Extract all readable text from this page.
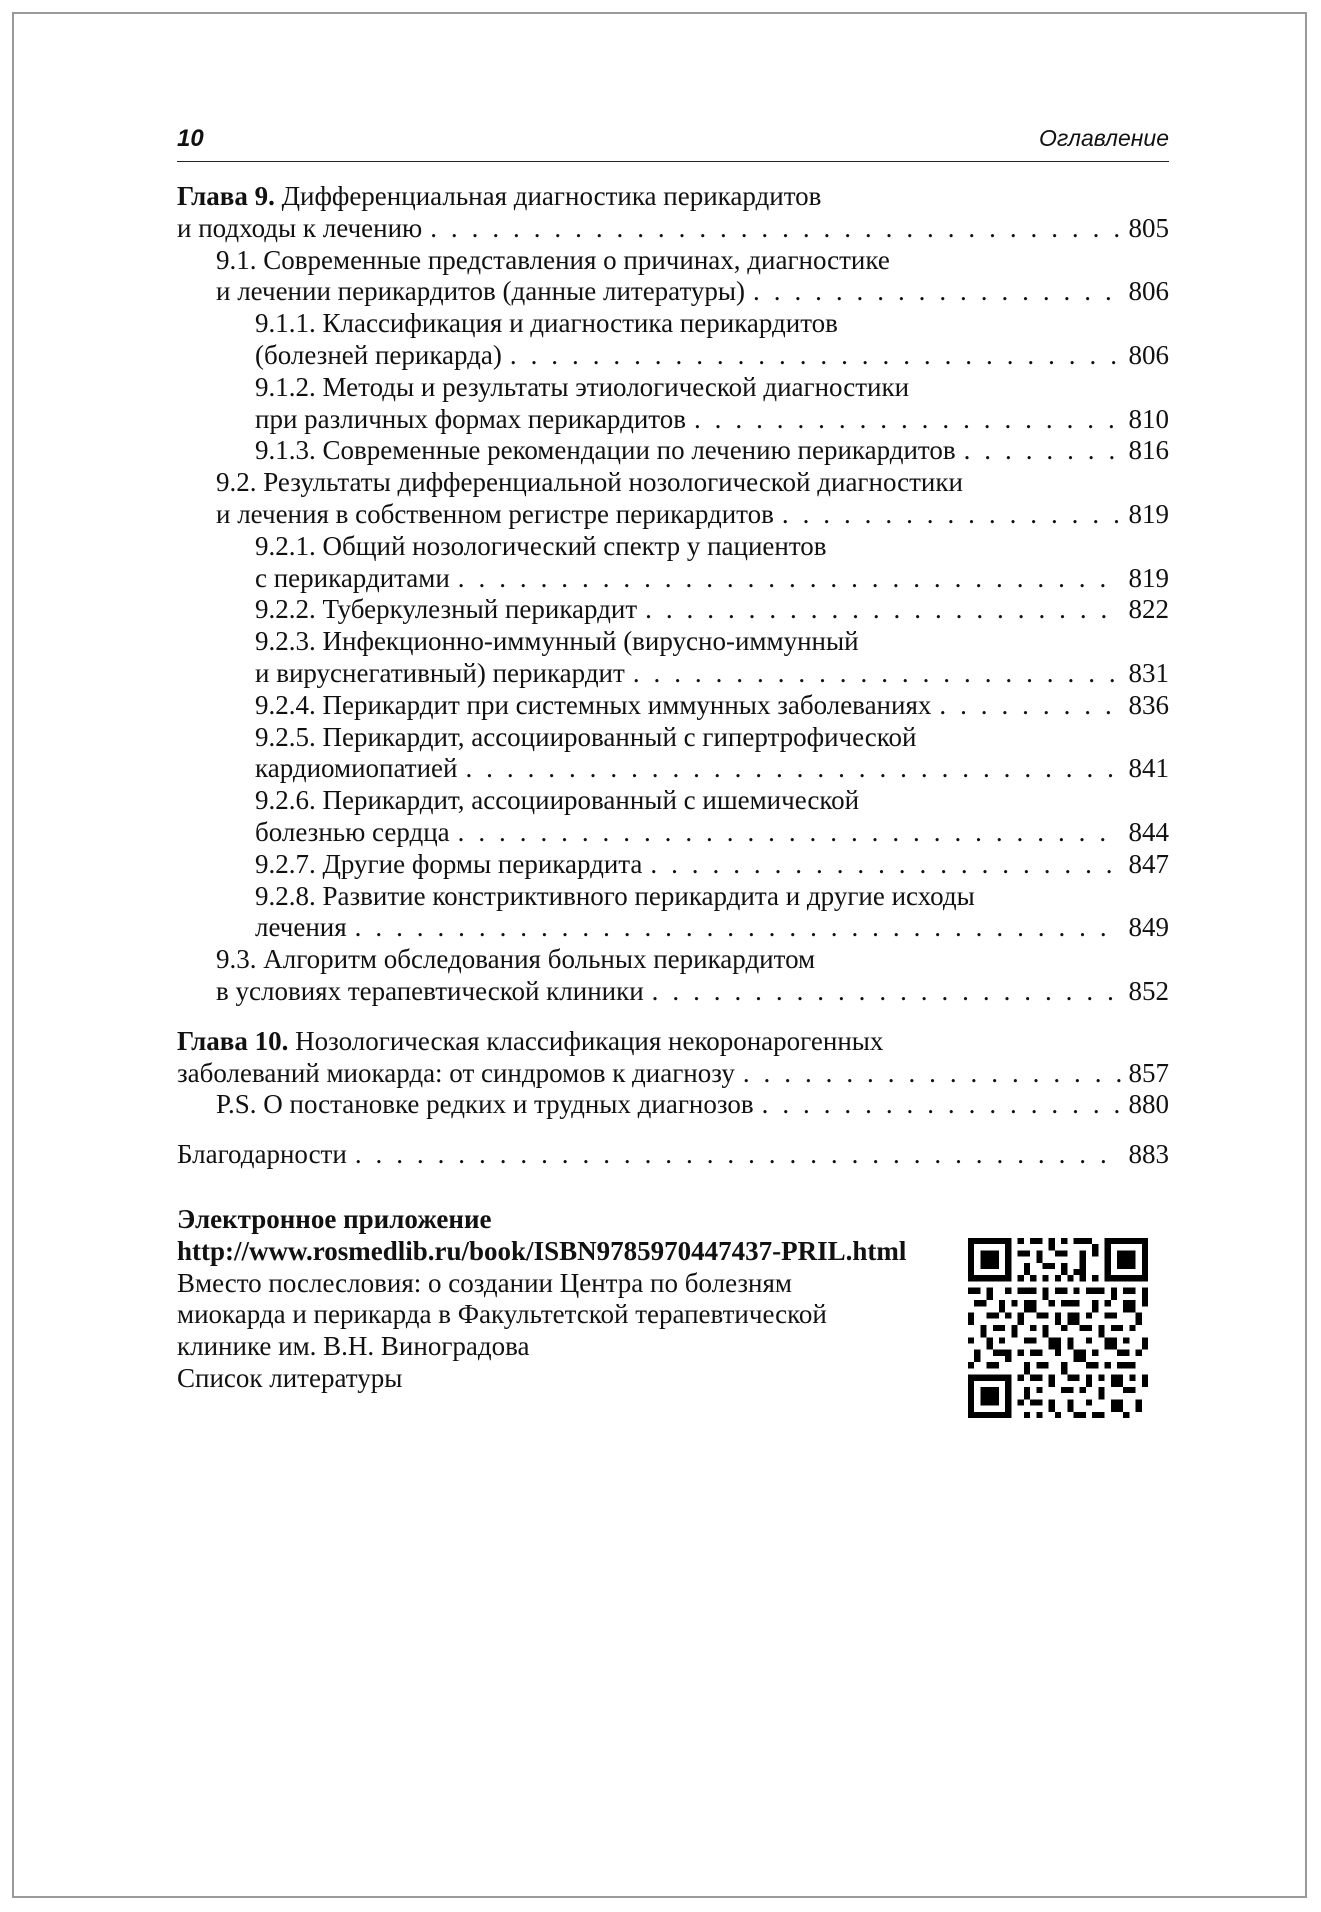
10	Оглавление
Глава 9. Дифференциальная диагностика перикардитов
и подходы к лечению . . .	805
9.1. Современные представления о причинах, диагностике
и лечении перикардитов (данные литературы) . . .	806
9.1.1. Классификация и диагностика перикардитов
(болезней перикарда) . . .	806
9.1.2. Методы и результаты этиологической диагностики
при различных формах перикардитов . . .	810
9.1.3. Современные рекомендации по лечению перикардитов . . .	816
9.2. Результаты дифференциальной нозологической диагностики
и лечения в собственном регистре перикардитов . . .	819
9.2.1. Общий нозологический спектр у пациентов
с перикардитами . . .	819
9.2.2. Туберкулезный перикардит . . .	822
9.2.3. Инфекционно-иммунный (вирусно-иммунный
и вируснегативный) перикардит . . .	831
9.2.4. Перикардит при системных иммунных заболеваниях . . .	836
9.2.5. Перикардит, ассоциированный с гипертрофической
кардиомиопатией . . .	841
9.2.6. Перикардит, ассоциированный с ишемической
болезнью сердца . . .	844
9.2.7. Другие формы перикардита . . .	847
9.2.8. Развитие констриктивного перикардита и другие исходы
лечения . . .	849
9.3. Алгоритм обследования больных перикардитом
в условиях терапевтической клиники . . .	852
Глава 10. Нозологическая классификация некоронарогенных
заболеваний миокарда: от синдромов к диагнозу . . .	857
P.S. О постановке редких и трудных диагнозов . . .	880
Благодарности . . .	883
Электронное приложение
http://www.rosmedlib.ru/book/ISBN9785970447437-PRIL.html
Вместо послесловия: о создании Центра по болезням
миокарда и перикарда в Факультетской терапевтической
клинике им. В.Н. Виноградова
Список литературы
